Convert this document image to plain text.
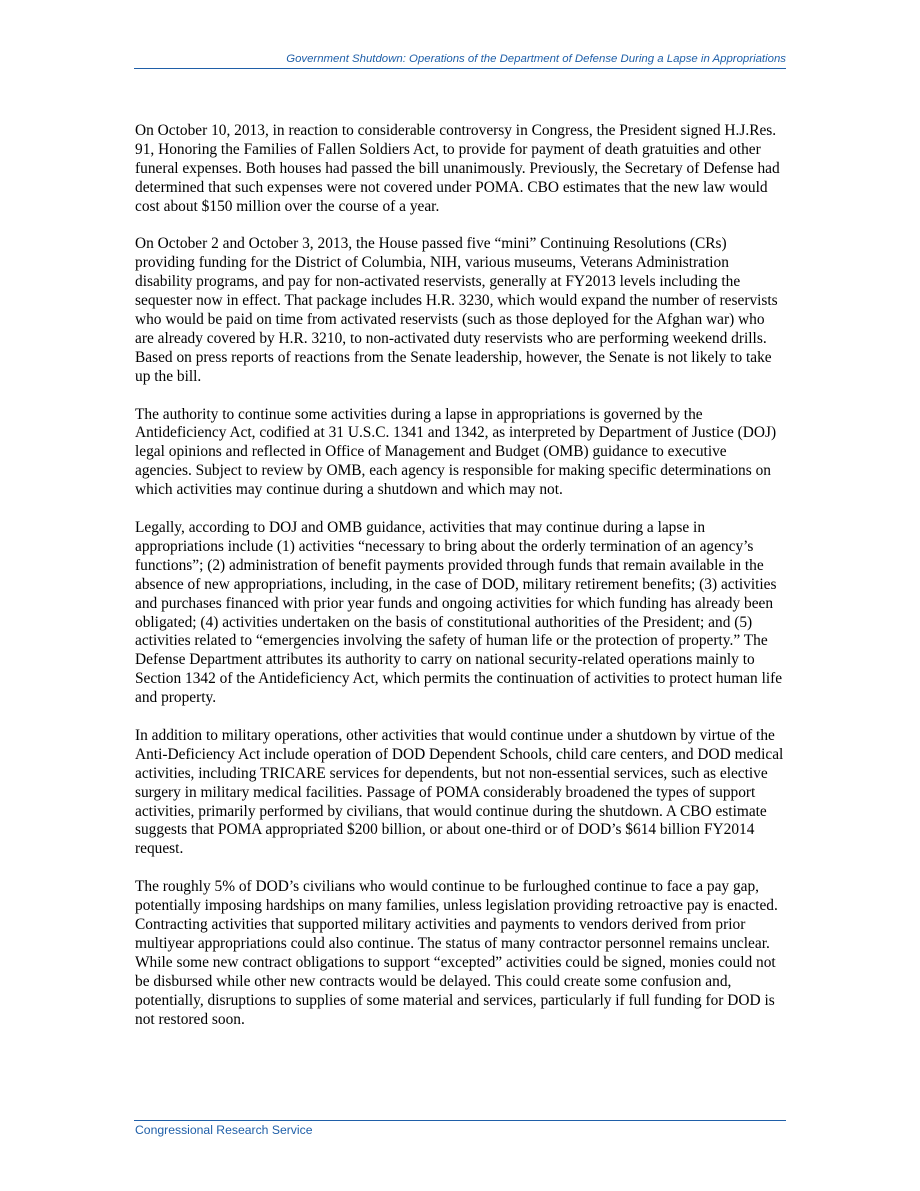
Government Shutdown: Operations of the Department of Defense During a Lapse in Appropriations

On October 10, 2013, in reaction to considerable controversy in Congress, the President signed H.J.Res. 91, Honoring the Families of Fallen Soldiers Act, to provide for payment of death gratuities and other funeral expenses. Both houses had passed the bill unanimously. Previously, the Secretary of Defense had determined that such expenses were not covered under POMA. CBO estimates that the new law would cost about $150 million over the course of a year.

On October 2 and October 3, 2013, the House passed five “mini” Continuing Resolutions (CRs) providing funding for the District of Columbia, NIH, various museums, Veterans Administration disability programs, and pay for non-activated reservists, generally at FY2013 levels including the sequester now in effect. That package includes H.R. 3230, which would expand the number of reservists who would be paid on time from activated reservists (such as those deployed for the Afghan war) who are already covered by H.R. 3210, to non-activated duty reservists who are performing weekend drills. Based on press reports of reactions from the Senate leadership, however, the Senate is not likely to take up the bill.

The authority to continue some activities during a lapse in appropriations is governed by the Antideficiency Act, codified at 31 U.S.C. 1341 and 1342, as interpreted by Department of Justice (DOJ) legal opinions and reflected in Office of Management and Budget (OMB) guidance to executive agencies. Subject to review by OMB, each agency is responsible for making specific determinations on which activities may continue during a shutdown and which may not.

Legally, according to DOJ and OMB guidance, activities that may continue during a lapse in appropriations include (1) activities “necessary to bring about the orderly termination of an agency’s functions”; (2) administration of benefit payments provided through funds that remain available in the absence of new appropriations, including, in the case of DOD, military retirement benefits; (3) activities and purchases financed with prior year funds and ongoing activities for which funding has already been obligated; (4) activities undertaken on the basis of constitutional authorities of the President; and (5) activities related to “emergencies involving the safety of human life or the protection of property.” The Defense Department attributes its authority to carry on national security-related operations mainly to Section 1342 of the Antideficiency Act, which permits the continuation of activities to protect human life and property.

In addition to military operations, other activities that would continue under a shutdown by virtue of the Anti-Deficiency Act include operation of DOD Dependent Schools, child care centers, and DOD medical activities, including TRICARE services for dependents, but not non-essential services, such as elective surgery in military medical facilities. Passage of POMA considerably broadened the types of support activities, primarily performed by civilians, that would continue during the shutdown. A CBO estimate suggests that POMA appropriated $200 billion, or about one-third or of DOD’s $614 billion FY2014 request.

The roughly 5% of DOD’s civilians who would continue to be furloughed continue to face a pay gap, potentially imposing hardships on many families, unless legislation providing retroactive pay is enacted. Contracting activities that supported military activities and payments to vendors derived from prior multiyear appropriations could also continue. The status of many contractor personnel remains unclear. While some new contract obligations to support “excepted” activities could be signed, monies could not be disbursed while other new contracts would be delayed. This could create some confusion and, potentially, disruptions to supplies of some material and services, particularly if full funding for DOD is not restored soon.

Congressional Research Service
